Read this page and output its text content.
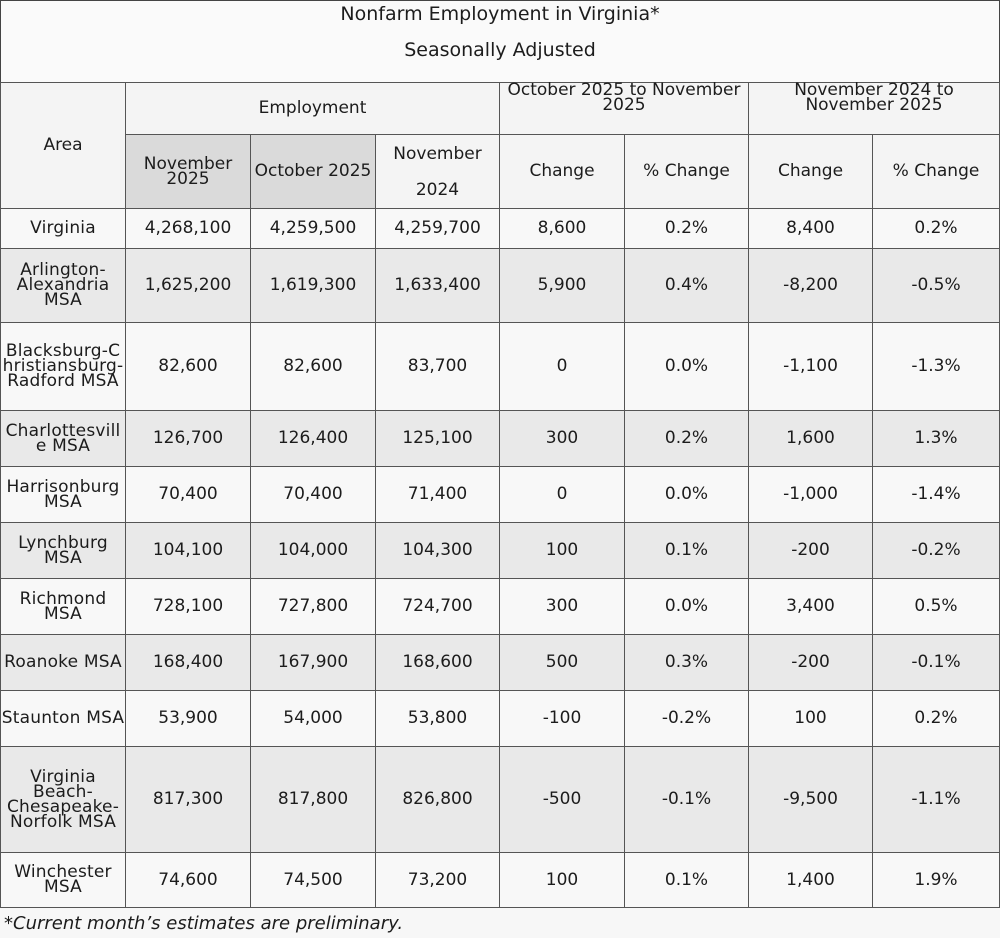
Nonfarm Employment in Virginia*
Seasonally Adjusted
Area	Employment			October 2025 to November 2025		November 2024 to November 2025	
	November 2025	October 2025	November 2024	Change	% Change	Change	% Change
Virginia	4,268,100	4,259,500	4,259,700	8,600	0.2%	8,400	0.2%
Arlington-Alexandria MSA	1,625,200	1,619,300	1,633,400	5,900	0.4%	-8,200	-0.5%
Blacksburg-Christiansburg-Radford MSA	82,600	82,600	83,700	0	0.0%	-1,100	-1.3%
Charlottesville MSA	126,700	126,400	125,100	300	0.2%	1,600	1.3%
Harrisonburg MSA	70,400	70,400	71,400	0	0.0%	-1,000	-1.4%
Lynchburg MSA	104,100	104,000	104,300	100	0.1%	-200	-0.2%
Richmond MSA	728,100	727,800	724,700	300	0.0%	3,400	0.5%
Roanoke MSA	168,400	167,900	168,600	500	0.3%	-200	-0.1%
Staunton MSA	53,900	54,000	53,800	-100	-0.2%	100	0.2%
Virginia Beach-Chesapeake-Norfolk MSA	817,300	817,800	826,800	-500	-0.1%	-9,500	-1.1%
Winchester MSA	74,600	74,500	73,200	100	0.1%	1,400	1.9%
*Current month’s estimates are preliminary.
